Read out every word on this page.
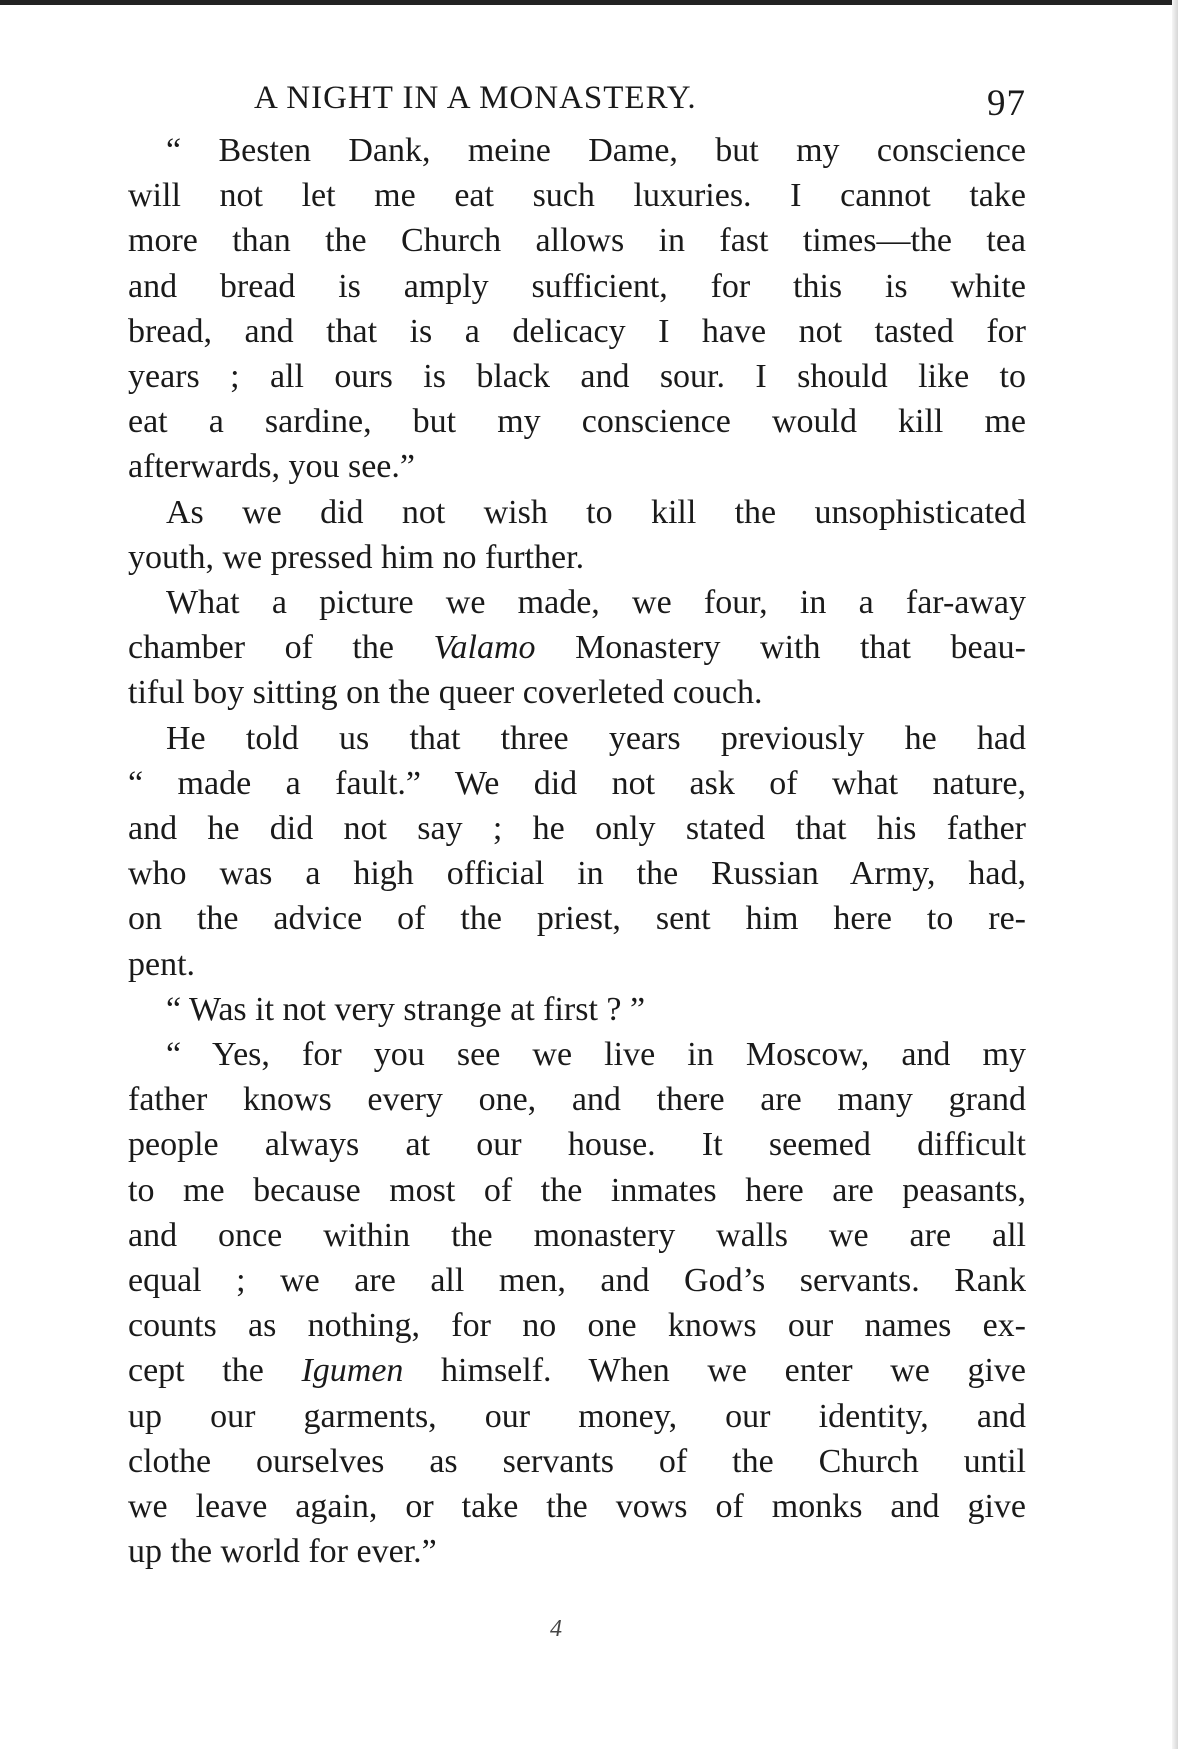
A NIGHT IN A MONASTERY.	97

“ Besten Dank, meine Dame, but my conscience
will not let me eat such luxuries. I cannot take
more than the Church allows in fast times—the tea
and bread is amply sufficient, for this is white
bread, and that is a delicacy I have not tasted for
years ; all ours is black and sour. I should like to
eat a sardine, but my conscience would kill me
afterwards, you see.”

As we did not wish to kill the unsophisticated
youth, we pressed him no further.

What a picture we made, we four, in a far-away
chamber of the Valamo Monastery with that beau-
tiful boy sitting on the queer coverleted couch.

He told us that three years previously he had
“ made a fault.” We did not ask of what nature,
and he did not say ; he only stated that his father
who was a high official in the Russian Army, had,
on the advice of the priest, sent him here to re-
pent.

“ Was it not very strange at first ? ”

“ Yes, for you see we live in Moscow, and my
father knows every one, and there are many grand
people always at our house. It seemed difficult
to me because most of the inmates here are peasants,
and once within the monastery walls we are all
equal ; we are all men, and God’s servants. Rank
counts as nothing, for no one knows our names ex-
cept the Igumen himself. When we enter we give
up our garments, our money, our identity, and
clothe ourselves as servants of the Church until
we leave again, or take the vows of monks and give
up the world for ever.”

4
